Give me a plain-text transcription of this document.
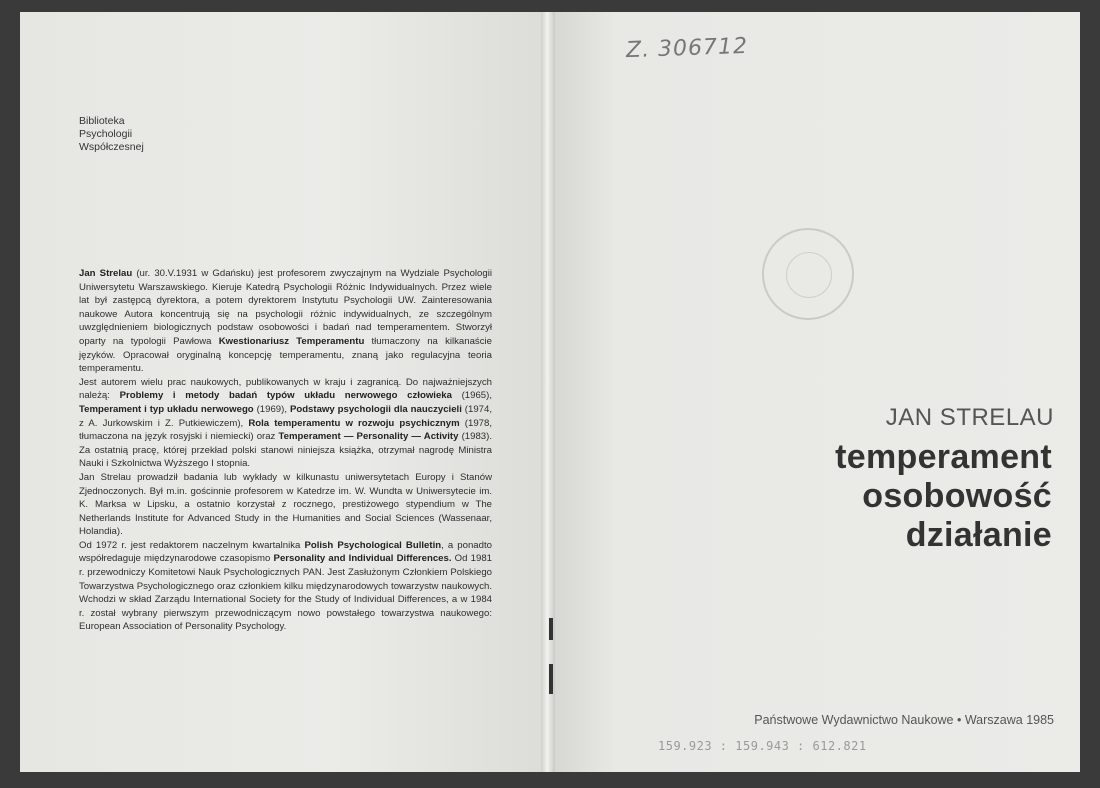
Biblioteka
Psychologii
Współczesnej

Jan Strelau (ur. 30.V.1931 w Gdańsku) jest profesorem zwyczajnym na Wydziale Psychologii Uniwersytetu Warszawskiego. Kieruje Katedrą Psychologii Różnic Indywidualnych. Przez wiele lat był zastępcą dyrektora, a potem dyrektorem Instytutu Psychologii UW. Zainteresowania naukowe Autora koncentrują się na psychologii różnic indywidualnych, ze szczególnym uwzględnieniem biologicznych podstaw osobowości i badań nad temperamentem. Stworzył oparty na typologii Pawłowa Kwestionariusz Temperamentu tłumaczony na kilkanaście języków. Opracował oryginalną koncepcję temperamentu, znaną jako regulacyjna teoria temperamentu.

Jest autorem wielu prac naukowych, publikowanych w kraju i zagranicą. Do najważniejszych należą: Problemy i metody badań typów układu nerwowego człowieka (1965), Temperament i typ układu nerwowego (1969), Podstawy psychologii dla nauczycieli (1974, z A. Jurkowskim i Z. Putkiewiczem), Rola temperamentu w rozwoju psychicznym (1978, tłumaczona na język rosyjski i niemiecki) oraz Temperament — Personality — Activity (1983). Za ostatnią pracę, której przekład polski stanowi niniejsza książka, otrzymał nagrodę Ministra Nauki i Szkolnictwa Wyższego I stopnia.

Jan Strelau prowadził badania lub wykłady w kilkunastu uniwersytetach Europy i Stanów Zjednoczonych. Był m.in. gościnnie profesorem w Katedrze im. W. Wundta w Uniwersytecie im. K. Marksa w Lipsku, a ostatnio korzystał z rocznego, prestiżowego stypendium w The Netherlands Institute for Advanced Study in the Humanities and Social Sciences (Wassenaar, Holandia).

Od 1972 r. jest redaktorem naczelnym kwartalnika Polish Psychological Bulletin, a ponadto współredaguje międzynarodowe czasopismo Personality and Individual Differences. Od 1981 r. przewodniczy Komitetowi Nauk Psychologicznych PAN. Jest Zasłużonym Członkiem Polskiego Towarzystwa Psychologicznego oraz członkiem kilku międzynarodowych towarzystw naukowych. Wchodzi w skład Zarządu International Society for the Study of Individual Differences, a w 1984 r. został wybrany pierwszym przewodniczącym nowo powstałego towarzystwa naukowego: European Association of Personality Psychology.

Z. 306712
JAN STRELAU
temperament
osobowość
działanie
Państwowe Wydawnictwo Naukowe • Warszawa 1985
159.923 : 159.943 : 612.821
